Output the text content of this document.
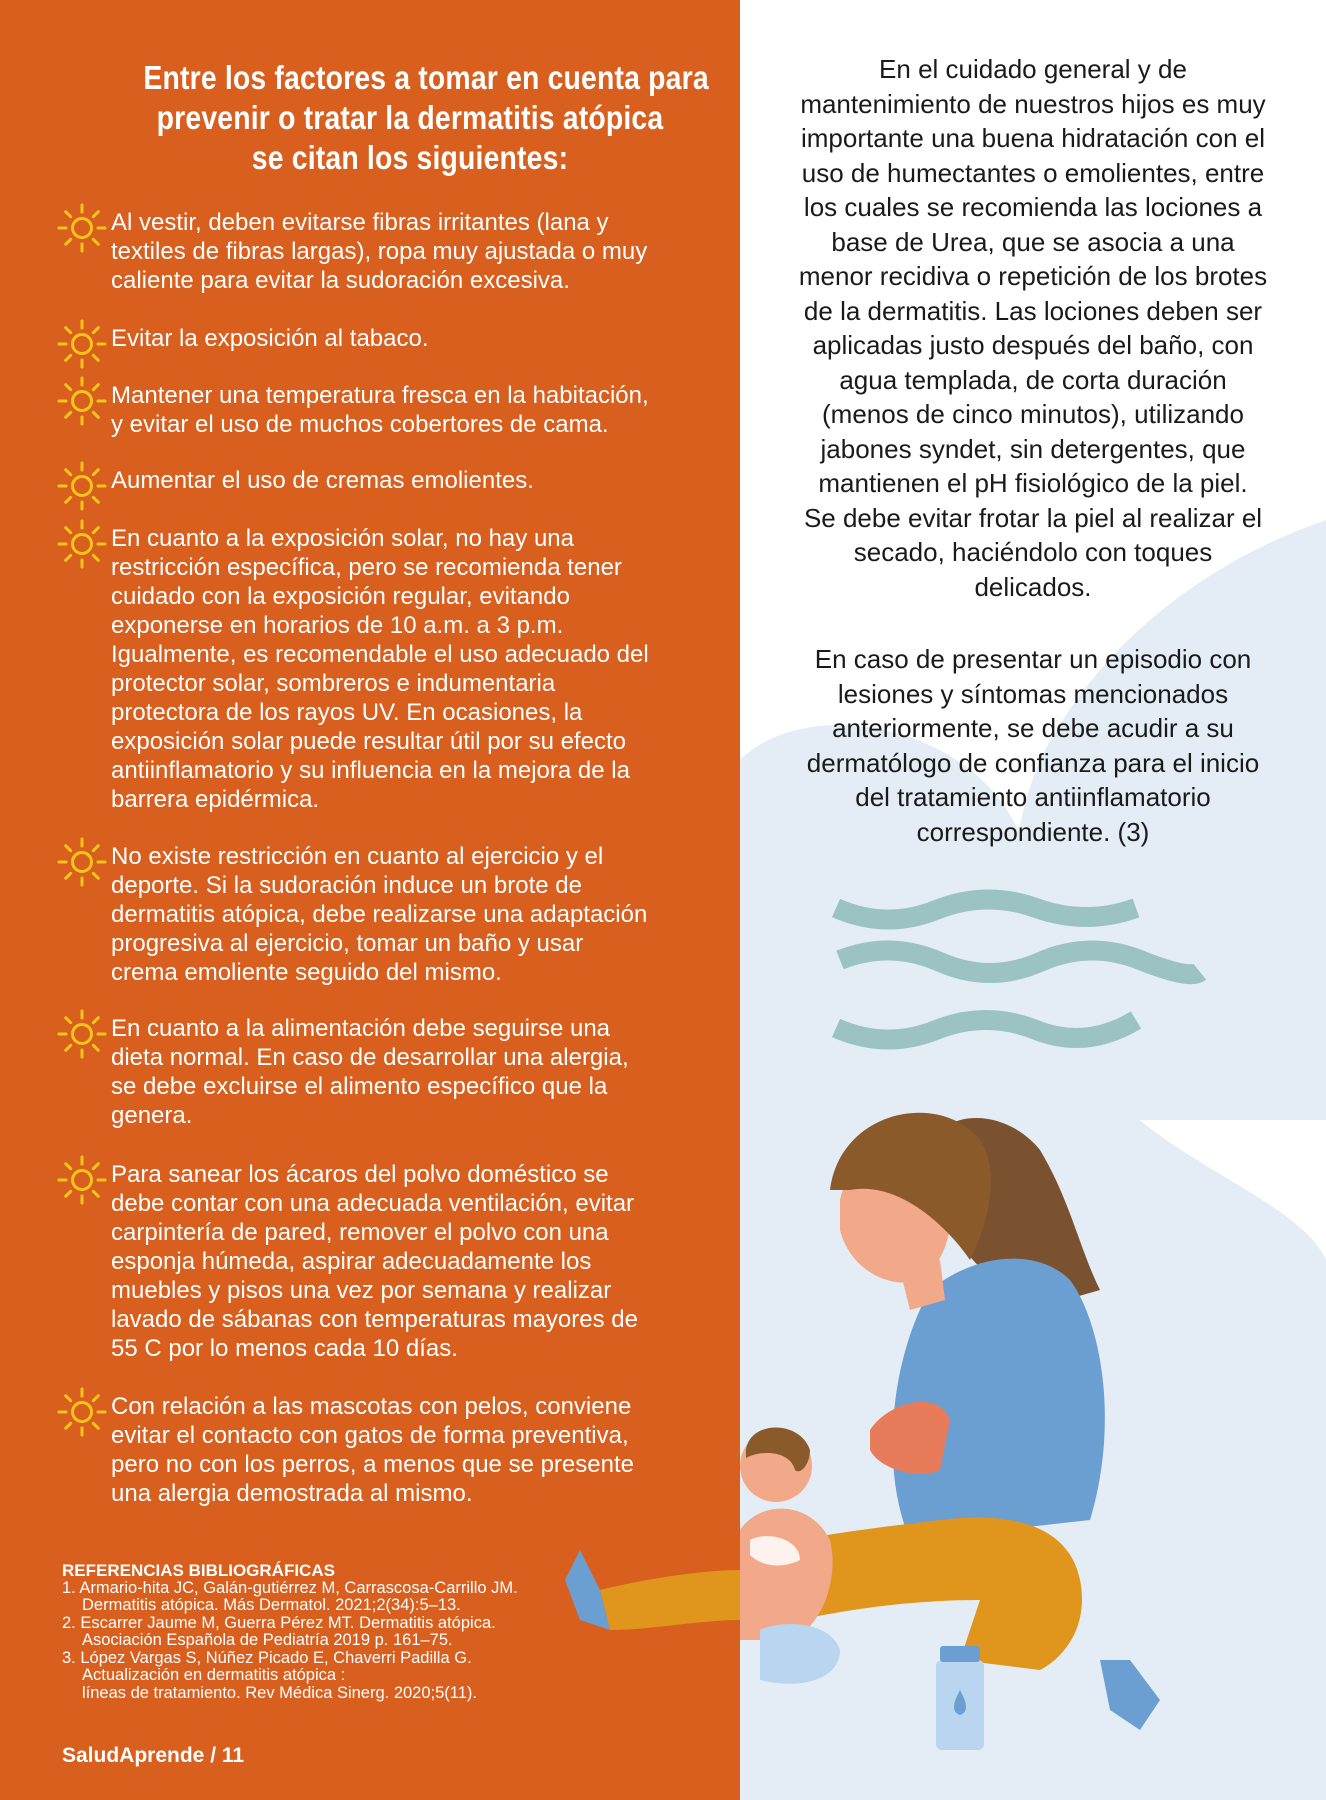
Entre los factores a tomar en cuenta para
prevenir o tratar la dermatitis atópica
se citan los siguientes:
Al vestir, deben evitarse fibras irritantes (lana y
textiles de fibras largas), ropa muy ajustada o muy
caliente para evitar la sudoración excesiva.
Evitar la exposición al tabaco.
Mantener una temperatura fresca en la habitación,
y evitar el uso de muchos cobertores de cama.
Aumentar el uso de cremas emolientes.
En cuanto a la exposición solar, no hay una
restricción específica, pero se recomienda tener
cuidado con la exposición regular, evitando
exponerse en horarios de 10 a.m. a 3 p.m.
Igualmente, es recomendable el uso adecuado del
protector solar, sombreros e indumentaria
protectora de los rayos UV. En ocasiones, la
exposición solar puede resultar útil por su efecto
antiinflamatorio y su influencia en la mejora de la
barrera epidérmica.
No existe restricción en cuanto al ejercicio y el
deporte. Si la sudoración induce un brote de
dermatitis atópica, debe realizarse una adaptación
progresiva al ejercicio, tomar un baño y usar
crema emoliente seguido del mismo.
En cuanto a la alimentación debe seguirse una
dieta normal. En caso de desarrollar una alergia,
se debe excluirse el alimento específico que la
genera.
Para sanear los ácaros del polvo doméstico se
debe contar con una adecuada ventilación, evitar
carpintería de pared, remover el polvo con una
esponja húmeda, aspirar adecuadamente los
muebles y pisos una vez por semana y realizar
lavado de sábanas con temperaturas mayores de
55 C por lo menos cada 10 días.
Con relación a las mascotas con pelos, conviene
evitar el contacto con gatos de forma preventiva,
pero no con los perros, a menos que se presente
una alergia demostrada al mismo.
REFERENCIAS BIBLIOGRÁFICAS
1. Armario-hita JC, Galán-gutiérrez M, Carrascosa-Carrillo JM.
Dermatitis atópica. Más Dermatol. 2021;2(34):5–13.
2. Escarrer Jaume M, Guerra Pérez MT. Dermatitis atópica.
Asociación Española de Pediatría 2019 p. 161–75.
3. López Vargas S, Núñez Picado E, Chaverri Padilla G.
Actualización en dermatitis atópica :
líneas de tratamiento. Rev Médica Sinerg. 2020;5(11).
SaludAprende / 11
En el cuidado general y de
mantenimiento de nuestros hijos es muy
importante una buena hidratación con el
uso de humectantes o emolientes, entre
los cuales se recomienda las lociones a
base de Urea, que se asocia a una
menor recidiva o repetición de los brotes
de la dermatitis. Las lociones deben ser
aplicadas justo después del baño, con
agua templada, de corta duración
(menos de cinco minutos), utilizando
jabones syndet, sin detergentes, que
mantienen el pH fisiológico de la piel.
Se debe evitar frotar la piel al realizar el
secado, haciéndolo con toques
delicados.
En caso de presentar un episodio con
lesiones y síntomas mencionados
anteriormente, se debe acudir a su
dermatólogo de confianza para el inicio
del tratamiento antiinflamatorio
correspondiente. (3)
